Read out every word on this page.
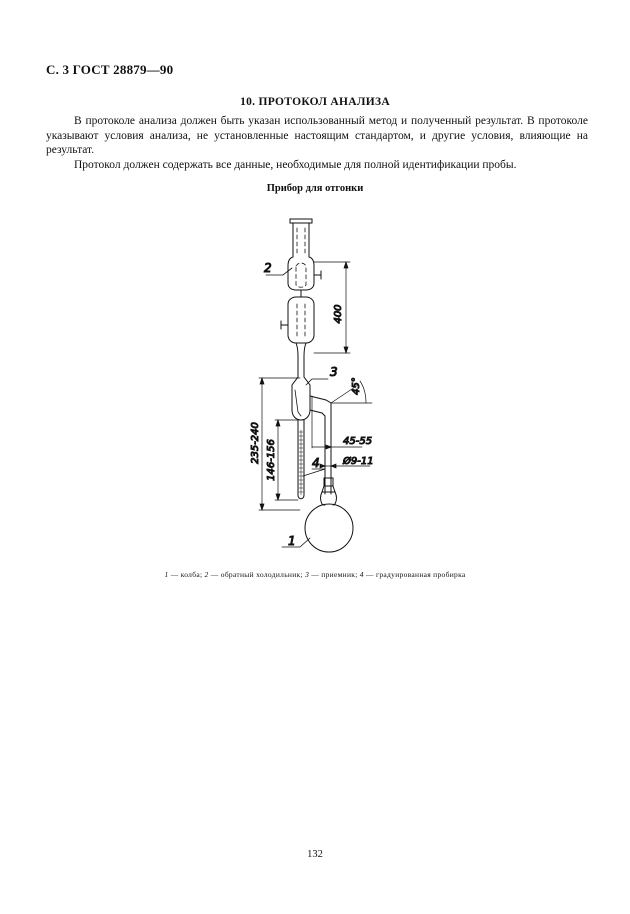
С. 3 ГОСТ 28879—90
10. ПРОТОКОЛ АНАЛИЗА

В протоколе анализа должен быть указан использованный метод и полученный результат. В протоколе указывают условия анализа, не установленные настоящим стандартом, и другие условия, влияющие на результат.

Протокол должен содержать все данные, необходимые для полной идентификации пробы.

Прибор для отгонки
2
3
4
1
400
45°
45-55
Ø9-11
235-240 146-156
1 — колба; 2 — обратный холодильник; 3 — приемник; 4 — градуированная пробирка
132
